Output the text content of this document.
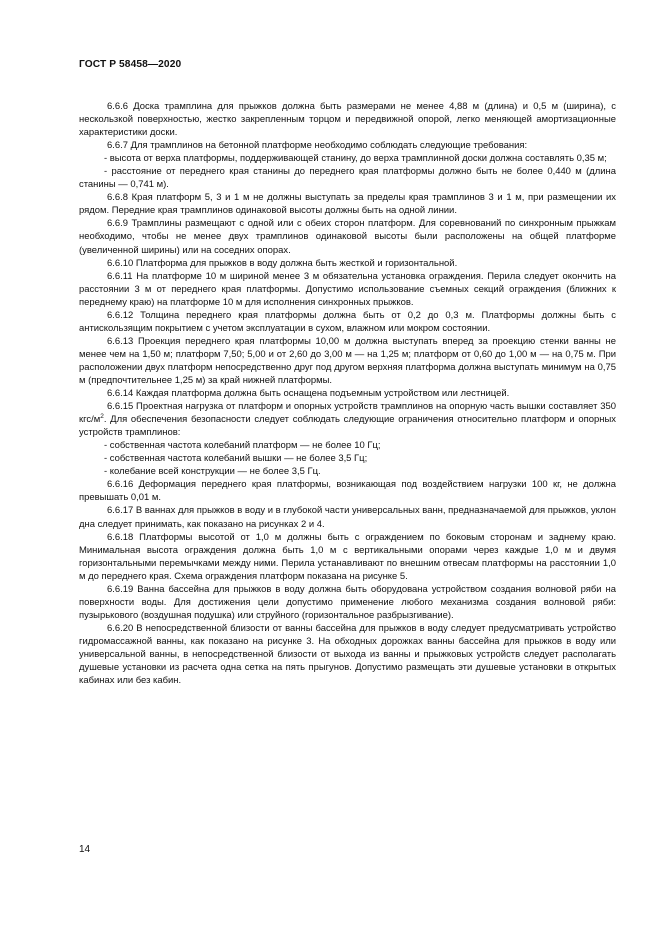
ГОСТ Р 58458—2020

6.6.6 Доска трамплина для прыжков должна быть размерами не менее 4,88 м (длина) и 0,5 м (ширина), с нескользкой поверхностью, жестко закрепленным торцом и передвижной опорой, легко меняющей амортизационные характеристики доски.

6.6.7 Для трамплинов на бетонной платформе необходимо соблюдать следующие требования:

- высота от верха платформы, поддерживающей станину, до верха трамплинной доски должна составлять 0,35 м;

- расстояние от переднего края станины до переднего края платформы должно быть не более 0,440 м (длина станины — 0,741 м).

6.6.8 Края платформ 5, 3 и 1 м не должны выступать за пределы края трамплинов 3 и 1 м, при размещении их рядом. Передние края трамплинов одинаковой высоты должны быть на одной линии.

6.6.9 Трамплины размещают с одной или с обеих сторон платформ. Для соревнований по синхронным прыжкам необходимо, чтобы не менее двух трамплинов одинаковой высоты были расположены на общей платформе (увеличенной ширины) или на соседних опорах.

6.6.10 Платформа для прыжков в воду должна быть жесткой и горизонтальной.

6.6.11 На платформе 10 м шириной менее 3 м обязательна установка ограждения. Перила следует окончить на расстоянии 3 м от переднего края платформы. Допустимо использование съемных секций ограждения (ближних к переднему краю) на платформе 10 м для исполнения синхронных прыжков.

6.6.12 Толщина переднего края платформы должна быть от 0,2 до 0,3 м. Платформы должны быть с антискользящим покрытием с учетом эксплуатации в сухом, влажном или мокром состоянии.

6.6.13 Проекция переднего края платформы 10,00 м должна выступать вперед за проекцию стенки ванны не менее чем на 1,50 м; платформ 7,50; 5,00 и от 2,60 до 3,00 м — на 1,25 м; платформ от 0,60 до 1,00 м — на 0,75 м. При расположении двух платформ непосредственно друг под другом верхняя платформа должна выступать минимум на 0,75 м (предпочтительнее 1,25 м) за край нижней платформы.

6.6.14 Каждая платформа должна быть оснащена подъемным устройством или лестницей.

6.6.15 Проектная нагрузка от платформ и опорных устройств трамплинов на опорную часть вышки составляет 350 кгс/$м^2$. Для обеспечения безопасности следует соблюдать следующие ограничения относительно платформ и опорных устройств трамплинов:

- собственная частота колебаний платформ — не более 10 Гц;

- собственная частота колебаний вышки — не более 3,5 Гц;

- колебание всей конструкции — не более 3,5 Гц.

6.6.16 Деформация переднего края платформы, возникающая под воздействием нагрузки 100 кг, не должна превышать 0,01 м.

6.6.17 В ваннах для прыжков в воду и в глубокой части универсальных ванн, предназначаемой для прыжков, уклон дна следует принимать, как показано на рисунках 2 и 4.

6.6.18 Платформы высотой от 1,0 м должны быть с ограждением по боковым сторонам и заднему краю. Минимальная высота ограждения должна быть 1,0 м с вертикальными опорами через каждые 1,0 м и двумя горизонтальными перемычками между ними. Перила устанавливают по внешним отвесам платформы на расстоянии 1,0 м до переднего края. Схема ограждения платформ показана на рисунке 5.

6.6.19 Ванна бассейна для прыжков в воду должна быть оборудована устройством создания волновой ряби на поверхности воды. Для достижения цели допустимо применение любого механизма создания волновой ряби: пузырькового (воздушная подушка) или струйного (горизонтальное разбрызгивание).

6.6.20 В непосредственной близости от ванны бассейна для прыжков в воду следует предусматривать устройство гидромассажной ванны, как показано на рисунке 3. На обходных дорожках ванны бассейна для прыжков в воду или универсальной ванны, в непосредственной близости от выхода из ванны и прыжковых устройств следует располагать душевые установки из расчета одна сетка на пять прыгунов. Допустимо размещать эти душевые установки в открытых кабинах или без кабин.

14
